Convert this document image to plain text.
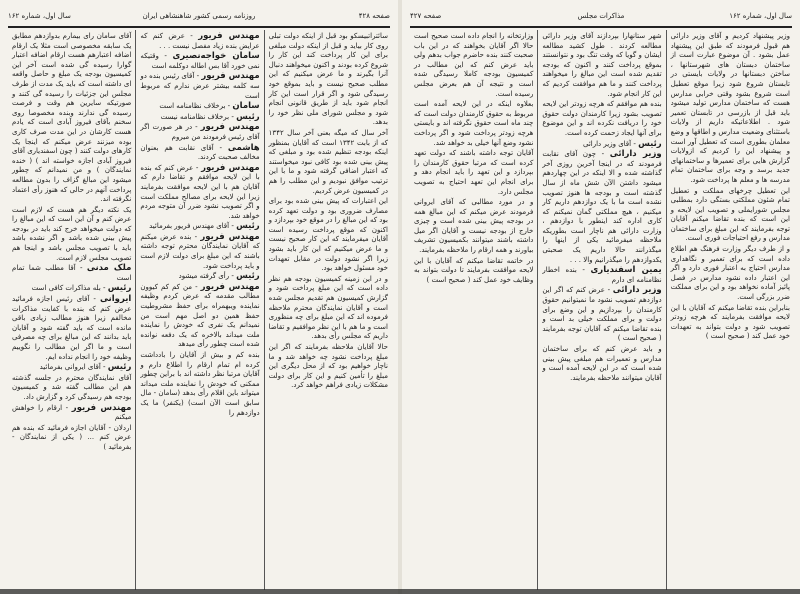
صفحه ۴۲۸
روزنامه رسمی کشور شاهنشاهی ایران
سال اول، شماره ۱۶۲

سائتراتبیسکو بود قبل از اینکه دولت تبلی روی کار بیاید و قبل از اینکه دولت مبلغی برای این کار پرداخت کند این کار را شروع کرده بودند و اکنون میخواهند دنبال آنرا بگیرند و ما عرض میکنیم که این مطلب صحیح نیست و باید بموقع خود رسیدگی شود و اگر قرار است این کار انجام شود باید از طریق قانونی انجام شود و مجلس شورای ملی نظر خود را بدهد.

آخر سال که میگه بعنی آخر سال ۱۳۴۲ که از بابت ۱۳۴۲ است که آقایان بمنظور اینکه بودجه تنظیم شده بود و مبلغی که پیش بینی شده بود کافی نبود میخواستند که اعتبار اضافی گرفته شود و ما با این ترتیب موافق نبودیم و این مطلب را هم در کمیسیون عرض کردیم.

این اعتبارات که پیش بینی شده بود برای مصارف ضروری بود و دولت تعهد کرده بود که این مبالغ را در موقع خود بپردازد و اکنون که موقع پرداخت رسیده است آقایان میفرمایند که این کار صحیح نیست و ما عرض میکنیم که این کار باید بشود زیرا اگر نشود دولت در مقابل تعهدات خود مسئول خواهد بود.

و در این زمینه کمیسیون بودجه هم نظر داده است که این مبلغ پرداخت شود و گزارش کمیسیون هم تقدیم مجلس شده است و آقایان نمایندگان محترم ملاحظه فرموده اند که این مبلغ برای چه منظوری است و ما هم با این نظر موافقیم و تقاضا داریم که مجلس رأی بدهد.

حالا آقایان ملاحظه بفرمایند که اگر این مبلغ پرداخت نشود چه خواهد شد و ما ناچار خواهیم بود که از محل دیگری این مبلغ را تأمین کنیم و این کار برای دولت مشکلات زیادی فراهم خواهد کرد.

مهندس فریور - عرض کنم که عرایض بنده زیاد مفصل نیست . . .

سامان خواجه‌نصیری - وقتیکه نمی خورد آقا بس اطاله دوکلمه است

مهندس فریور - آقای رئیس بنده دو سه کلمه بیشتر عرض ندارم که مربوط است

سامان - برخلاف نظامنامه است

رئیس - برخلاف نظامنامه نیست

مهندس فریور - در هر صورت اگر آقای رئیس فرمودند من میروم

هاشمی - آقای نقابت هم بعنوان مخالف صحبت کردند.

مهندس فریور - عرض کنم که بنده با این لایحه موافقم و تقاضا دارم که آقایان هم با این لایحه موافقت بفرمایند زیرا این لایحه برای مصالح مملکت است و اگر تصویب نشود ضرر آن متوجه مردم خواهد شد.

رئیس - آقای مهندس فریور بفرمائید

مهندس فریور - بنده عرض میکنم که آقایان نمایندگان محترم توجه داشته باشند که این مبلغ برای دولت لازم است و باید پرداخت شود.

رئیس - رأی گرفته میشود

مهندس فریور - من کم کم کیوون مطالب مقدمه که عرض کردم وظیفه نماینده ویبهمراه برای حفظ مشروطیت حفظ همین دو اصل مهم است من نمیدانم یک نفری که خودش را نماینده ملت میداند بالاخره که یک دفعه نوانده شده است چطور رأی میدهد

بنده کم و بیش از آقایان را بادداشت کرده ام تمام ارقام را اطلاع دارم و آقایان مرتبا نظر داشته اند با براین چطور ممکنی که خودش را نماینده ملت میداند میتواند باین اقلام رأی بدهد (سامان - مال سابق است الآن است) (یکنفر) ما یک دوازدهم را

آقای سامان رای بیمارم بدوازدهم مطابق یک سابقه مخصوصی است مثلا یک ارقام اضافه اعتبارهم هست ارقام اضافه اعتبار گوارا رسیده گی شده است آخر این کمیسیون بودجه یک مبلغ و حاصل واقعه ای داشته است که باید یک مدت از طرف مجلس این جزئیات را رسیده گی کنند و صورتیکه سایرین هم وقت و فرصت رسیده گی ندارند وبنده مخصوصا روی سخنم بآقای فیروز آبادی است که یادم هست کارشان در این مدت صرف کاری بوده میزنند عرض میکنم که اینجا یک کارهای دولت کنند ( چون اسفندیاری آقای فیروز آبادی اجازه خواسته اند ) ( خنده نمایندگان ) و من نمیدانم که چطور میشود این مبالغ گزاف را بدون مطالعه پرداخت آنهم در حالی که هنوز رأی اعتماد نگرفته اند.

یک نکته دیگر هم هست که لازم است عرض کنم و آن این است که این مبالغ را که دولت میخواهد خرج کند باید در بودجه پیش بینی شده باشد و اگر نشده باشد باید با تصویب مجلس باشد و اینجا هم تصویب مجلس لازم است.

ملک مدنی - آقا مطلب شما تمام است

رئیس - بله مذاکرات کافی است

ایروانی - آقای رئیس اجازه فرمائید عرض کنم که بنده با کفایت مذاکرات مخالفم زیرا هنوز مطالب زیادی باقی مانده است که باید گفته شود و آقایان باید بدانند که این مبالغ برای چه مصرفی است و ما اگر این مطالب را نگوییم وظیفه خود را انجام نداده ایم.

رئیس - آقای ایروانی بفرمائید

آقای نمایندگان محترم در جلسه گذشته هم این مطالب گفته شد و کمیسیون بودجه هم رسیدگی کرد و گزارش داد.

مهندس فریور - ارقام را خواهش میکنم

اردلان - آقایان اجازه فرمائید که بنده هم عرض کنم ... ( یکی از نمایندگان - بفرمائید )

سال اول، شماره ۱۶۲
مذاکرات مجلس
صفحه ۴۲۷

وزیر پیشنهاد کردیم و آقای وزیر دارائی هم قبول فرمودند که طبق این پیشنهاد عمل بشود . آن موضوع عبارت است از ساختمان دبستان های شهرستانها ، ساختن دبستانها در ولایات بایستی در تابستان شروع شود زیرا موقع تعطیل است شروع بشود وقتی خرابی مدارس هست که ساختمان مدارس تولید میشود باید قبل از بازرسی در تابستان تعمیر شود . اطلاعاتیکه داریم از ولایات باستثنای وضعیت مدارس و اطاقها و وضع معلمان بطوری است که تعطیل آور است و پیشنهاد این را کردیم که ازولایات گزارش هایی برای تعمیرها و ساختمانهای جدید برسد و وجه برای ساختمان تمام مدرسه ها و معلم ها پرداخت شود.

این تعطیل چرخهای مملکت و تعطیل تمام شئون مملکتی بستگی دارد بمطلبی مجلس شورایملی و تصویب این لایحه و این است که بنده تقاضا میکنم آقایان توجه بفرمایند که این مبلغ برای ساختمان مدارس و رفع احتیاجات فوری است.

و از طرف دیگر وزارت فرهنگ هم اطلاع داده است که برای تعمیر و نگاهداری مدارس احتیاج به اعتبار فوری دارد و اگر این اعتبار داده نشود مدارس در فصل پائیز آماده نخواهد بود و این برای مملکت ضرر بزرگی است.

بنابراین بنده تقاضا میکنم که آقایان با این لایحه موافقت بفرمایند که هرچه زودتر تصویب شود و دولت بتواند به تعهدات خود عمل کند ( صحیح است )

شهر ستانهارا بپردازند آقای وزیر دارائی مطالعه کردند . طول کشید مطالعه ایشان و گویا که وقت تنگ بود و نتوانستند بموقع پرداخت کنند و اکنون که بودجه تقدیم شده است این مبالغ را میخواهند پرداخت کنند و ما هم موافقت کردیم که این کار انجام شود.

بنده هم موافقم که هرچه زودتر این لایحه تصویب بشود زیرا کارمندان دولت حقوق خود را دریافت نکرده اند و این موضوع برای آنها ایجاد زحمت کرده است.

رئیس - آقای وزیر دارائی

وزیر دارائی - چون آقای نقابت فرمودند که در اینجا آخرین روزی آخر گذاشته شده و الا اینکه در این چهاردهم میشود داشتن الآن شش ماه از سال گذشته است و بودجه ها هنوز تصویب نشده است ما با یک دوازدهم داریم کار میکنیم ، هیچ مملکتی گمان نمیکنم که کاری اداره کند اینطور با دوازدهم ، وزارت دارائی هم ناچار است بطوریکه ملاحظه میفرمائید یکی از اینها را میگذرانند حالا داریم یک صحبتی یکدوازدهم را میگذرانیم والا . . .

یمین اسفندیاری - بنده اخطار نظامنامه ای دارم

وزیر دارائی - عرض کنم که اگر این دوازدهم تصویب نشود ما نمیتوانیم حقوق کارمندان را بپردازیم و این وضع برای دولت و برای مملکت خیلی بد است و بنده تقاضا میکنم که آقایان توجه بفرمایند ( صحیح است )

و باید عرض کنم که برای ساختمان مدارس و تعمیرات هم مبلغی پیش بینی شده است که در این لایحه آمده است و آقایان میتوانند ملاحظه بفرمایند.

وزارتخانه را انجام داده است صحیح است حالا اگر آقایان بخواهند که در این باب صحبت کنند بنده حاضرم جواب بدهم ولی باید عرض کنم که این مطالب در کمیسیون بودجه کاملا رسیدگی شده است و نتیجه آن هم بعرض مجلس رسیده است.

بعلاوه اینکه در این لایحه آمده است مربوط به حقوق کارمندان دولت است که چند ماه است حقوق نگرفته اند و بایستی هرچه زودتر پرداخت شود و اگر پرداخت نشود وضع آنها خیلی بد خواهد شد.

آقایان توجه داشته باشند که دولت تعهد کرده است که مرتبا حقوق کارمندان را بپردازد و این تعهد را باید انجام دهد و برای انجام این تعهد احتیاج به تصویب مجلس دارد.

و در مورد مطالبی که آقای ایروانی فرمودند عرض میکنم که این مبالغ همه در بودجه پیش بینی شده است و چیزی خارج از بودجه نیست و آقایان اگر میل داشته باشند میتوانند بکمیسیون تشریف بیاورند و همه ارقام را ملاحظه بفرمایند.

در خاتمه تقاضا میکنم که آقایان با این لایحه موافقت بفرمایند تا دولت بتواند به وظایف خود عمل کند ( صحیح است )
